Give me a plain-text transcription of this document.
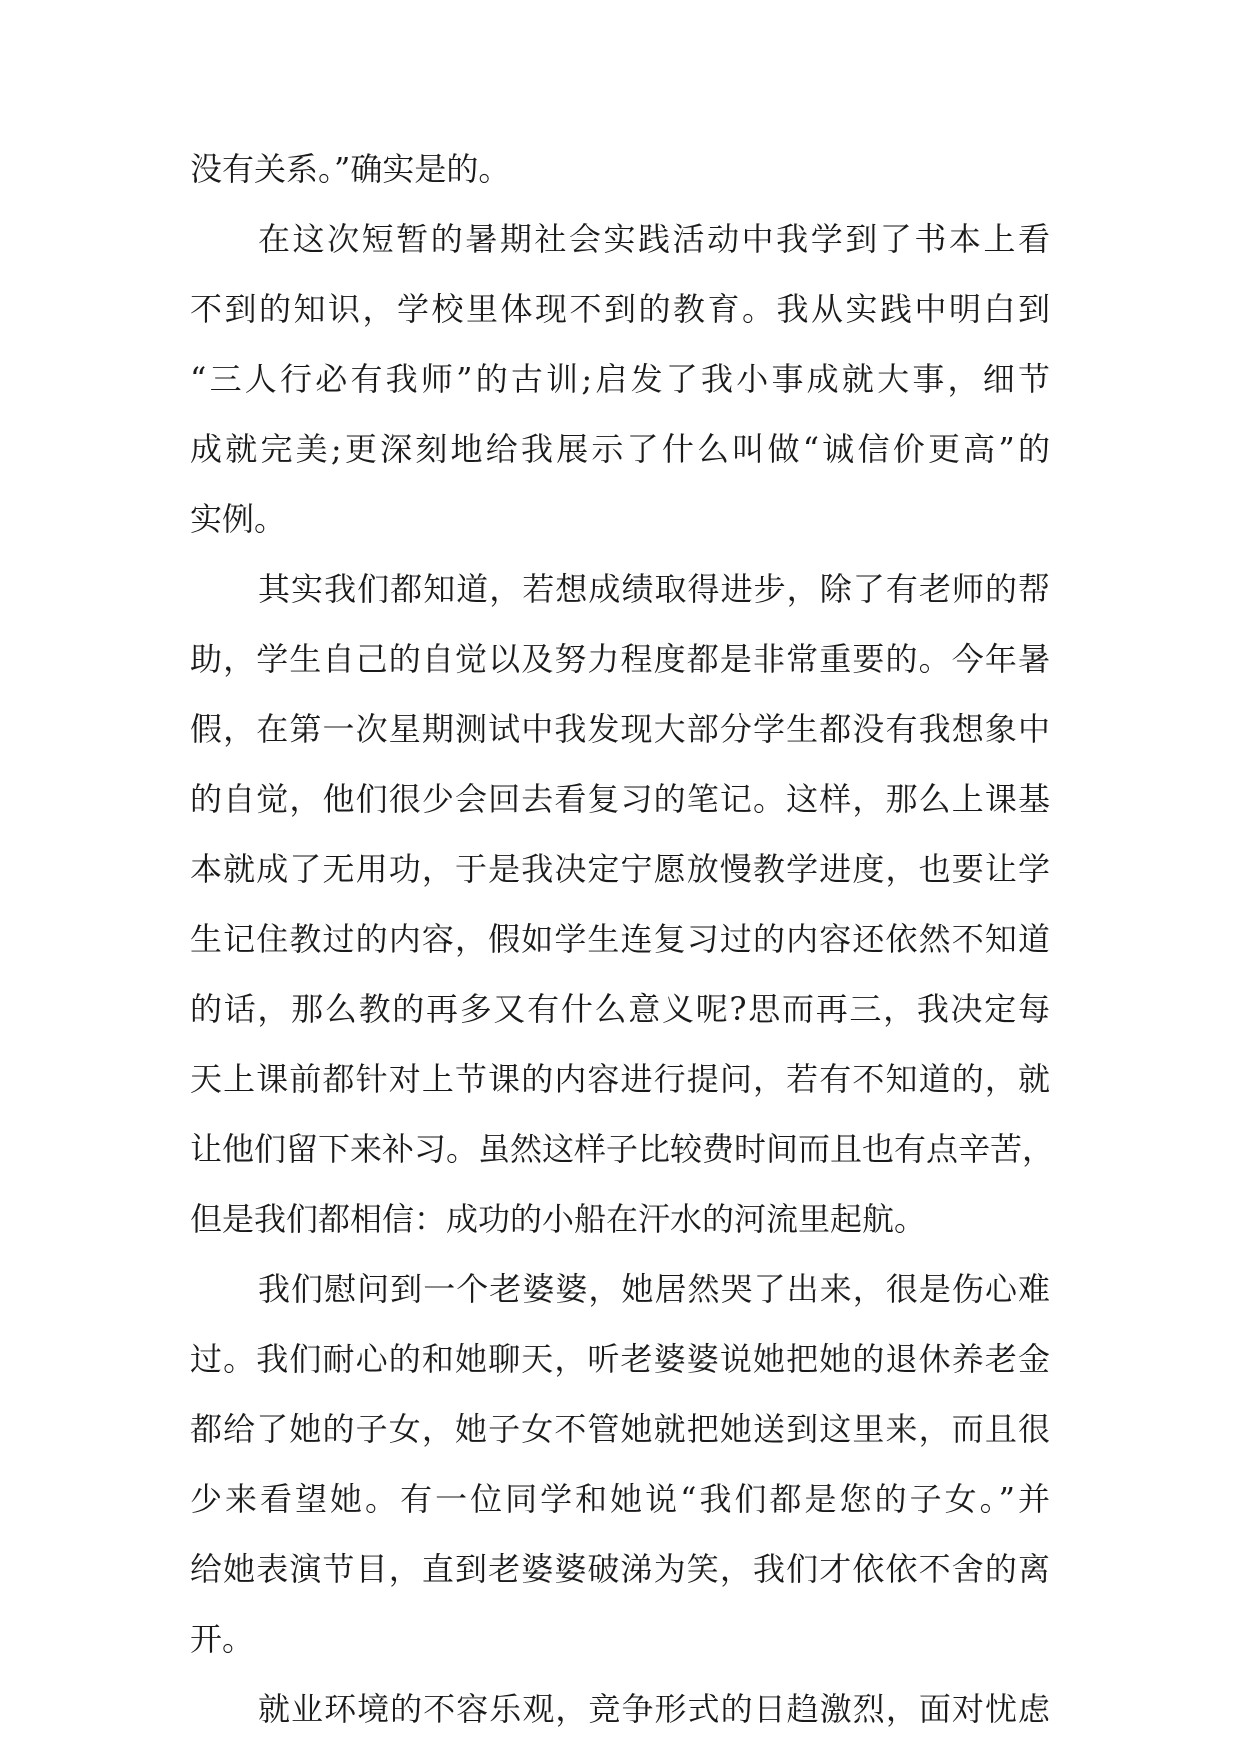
没有关系。”确实是的。
在这次短暂的暑期社会实践活动中我学到了书本上看
不到的知识，学校里体现不到的教育。我从实践中明白到
“三人行必有我师”的古训;启发了我小事成就大事，细节
成就完美;更深刻地给我展示了什么叫做“诚信价更高”的
实例。
其实我们都知道，若想成绩取得进步，除了有老师的帮
助，学生自己的自觉以及努力程度都是非常重要的。今年暑
假，在第一次星期测试中我发现大部分学生都没有我想象中
的自觉，他们很少会回去看复习的笔记。这样，那么上课基
本就成了无用功，于是我决定宁愿放慢教学进度，也要让学
生记住教过的内容，假如学生连复习过的内容还依然不知道
的话，那么教的再多又有什么意义呢?思而再三，我决定每
天上课前都针对上节课的内容进行提问，若有不知道的，就
让他们留下来补习。虽然这样子比较费时间而且也有点辛苦，
但是我们都相信：成功的小船在汗水的河流里起航。
我们慰问到一个老婆婆，她居然哭了出来，很是伤心难
过。我们耐心的和她聊天，听老婆婆说她把她的退休养老金
都给了她的子女，她子女不管她就把她送到这里来，而且很
少来看望她。有一位同学和她说“我们都是您的子女。”并
给她表演节目，直到老婆婆破涕为笑，我们才依依不舍的离
开。
就业环境的不容乐观，竞争形式的日趋激烈，面对忧虑
